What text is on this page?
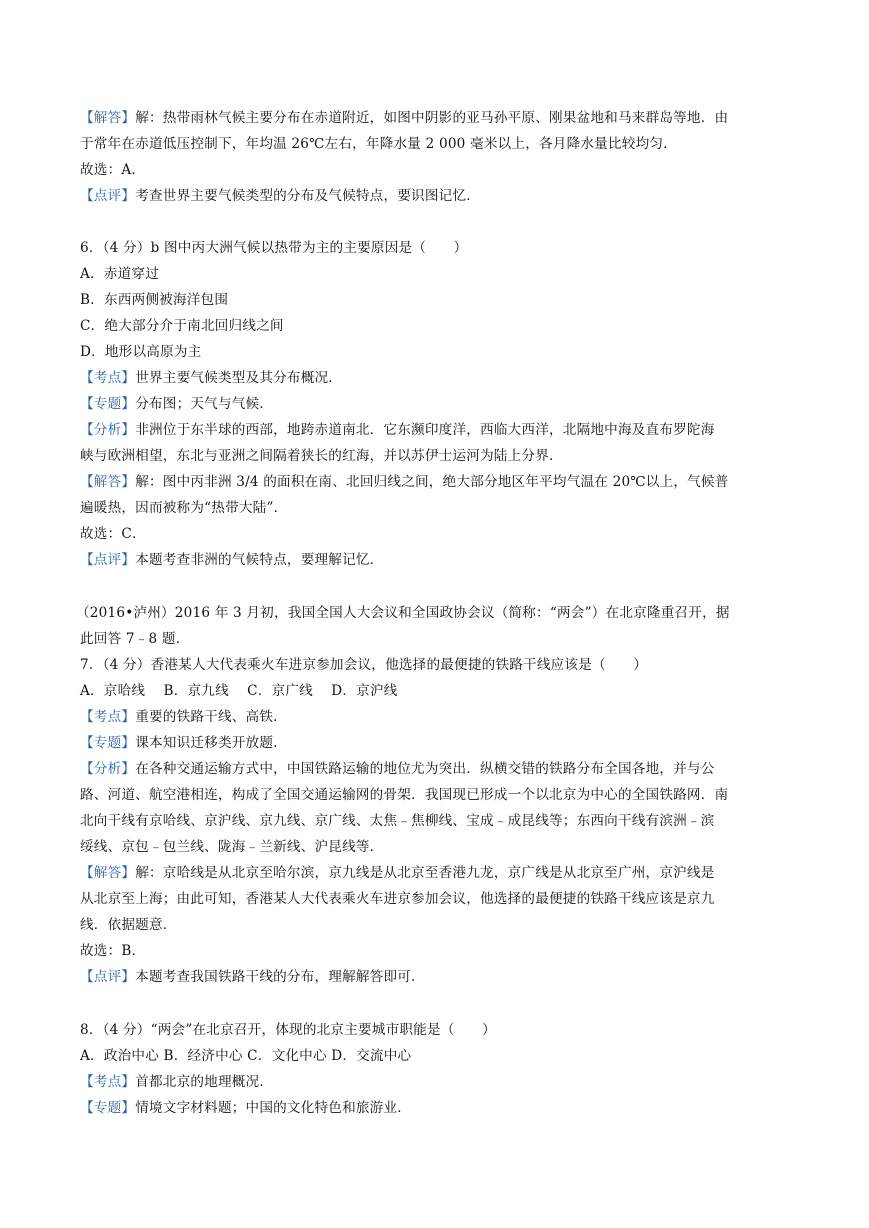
【解答】解：热带雨林气候主要分布在赤道附近，如图中阴影的亚马孙平原、刚果盆地和马来群岛等地．由
于常年在赤道低压控制下，年均温 26℃左右，年降水量 2 000 毫米以上，各月降水量比较均匀．
故选：A．
【点评】考查世界主要气候类型的分布及气候特点，要识图记忆．
6．（4 分）b 图中丙大洲气候以热带为主的主要原因是（　　）
A．赤道穿过
B．东西两侧被海洋包围
C．绝大部分介于南北回归线之间
D．地形以高原为主
【考点】世界主要气候类型及其分布概况．
【专题】分布图；天气与气候．
【分析】非洲位于东半球的西部，地跨赤道南北．它东濒印度洋，西临大西洋，北隔地中海及直布罗陀海
峡与欧洲相望，东北与亚洲之间隔着狭长的红海，并以苏伊士运河为陆上分界．
【解答】解：图中丙非洲 3/4 的面积在南、北回归线之间，绝大部分地区年平均气温在 20℃以上，气候普
遍暖热，因而被称为“热带大陆”．
故选：C．
【点评】本题考查非洲的气候特点，要理解记忆．
（2016•泸州）2016 年 3 月初，我国全国人大会议和全国政协会议（简称：“两会”）在北京隆重召开，据
此回答 7﹣8 题．
7．（4 分）香港某人大代表乘火车进京参加会议，他选择的最便捷的铁路干线应该是（　　）
A．京哈线　 B．京九线　 C．京广线　 D．京沪线
【考点】重要的铁路干线、高铁．
【专题】课本知识迁移类开放题．
【分析】在各种交通运输方式中，中国铁路运输的地位尤为突出．纵横交错的铁路分布全国各地，并与公
路、河道、航空港相连，构成了全国交通运输网的骨架．我国现已形成一个以北京为中心的全国铁路网．南
北向干线有京哈线、京沪线、京九线、京广线、太焦﹣焦柳线、宝成﹣成昆线等；东西向干线有滨洲﹣滨
绥线、京包﹣包兰线、陇海﹣兰新线、沪昆线等．
【解答】解：京哈线是从北京至哈尔滨，京九线是从北京至香港九龙，京广线是从北京至广州，京沪线是
从北京至上海；由此可知，香港某人大代表乘火车进京参加会议，他选择的最便捷的铁路干线应该是京九
线．依据题意．
故选：B．
【点评】本题考查我国铁路干线的分布，理解解答即可．
8．（4 分）“两会”在北京召开，体现的北京主要城市职能是（　　）
A．政治中心 B．经济中心 C．文化中心 D．交流中心
【考点】首都北京的地理概况．
【专题】情境文字材料题；中国的文化特色和旅游业．
